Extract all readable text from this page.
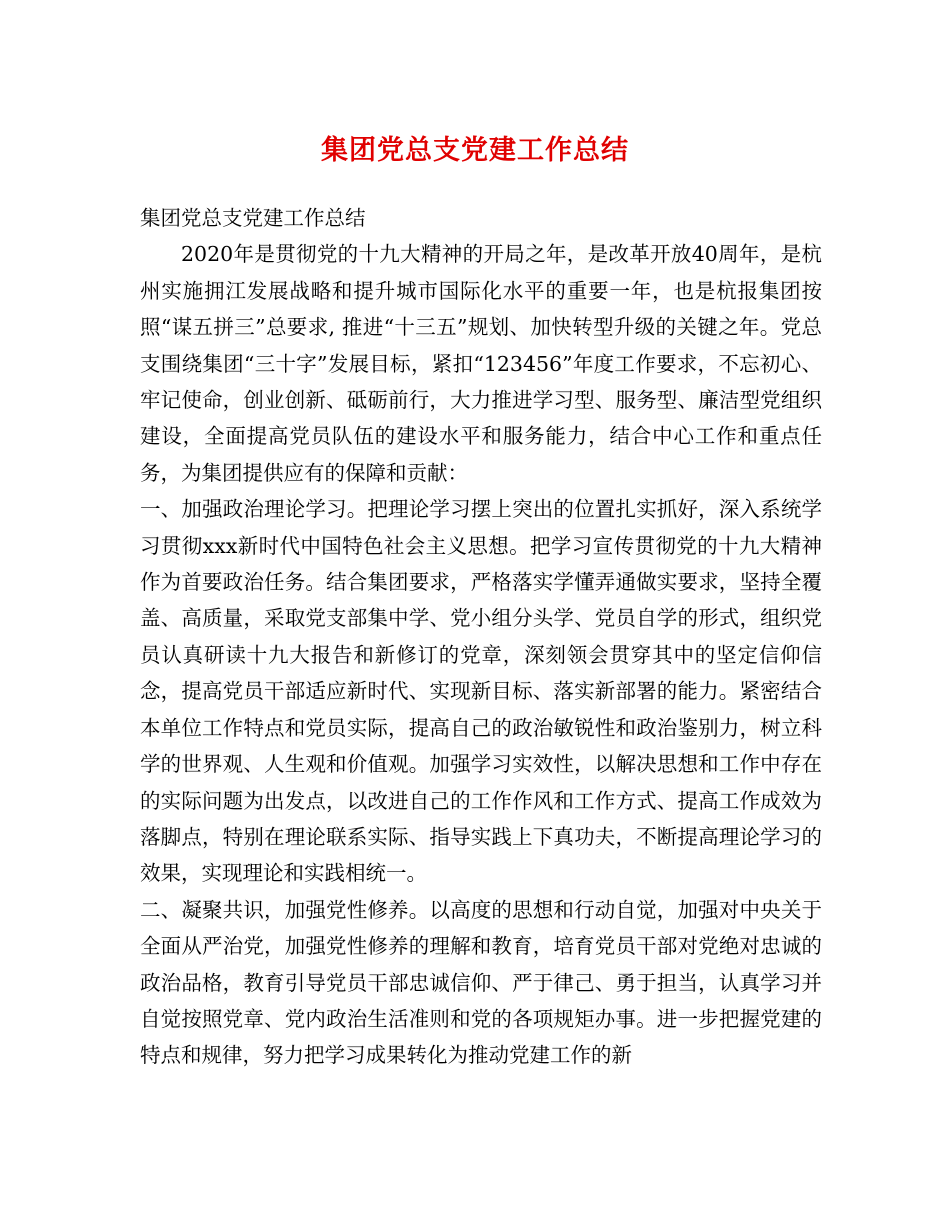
集团党总支党建工作总结

集团党总支党建工作总结

2020年是贯彻党的十九大精神的开局之年，是改革开放40周年，是杭州实施拥江发展战略和提升城市国际化水平的重要一年，也是杭报集团按照“谋五拼三”总要求, 推进“十三五”规划、加快转型升级的关键之年。党总支围绕集团“三十字”发展目标，紧扣“123456”年度工作要求，不忘初心、牢记使命，创业创新、砥砺前行，大力推进学习型、服务型、廉洁型党组织建设，全面提高党员队伍的建设水平和服务能力，结合中心工作和重点任务，为集团提供应有的保障和贡献：

一、加强政治理论学习。把理论学习摆上突出的位置扎实抓好，深入系统学习贯彻xxx新时代中国特色社会主义思想。把学习宣传贯彻党的十九大精神作为首要政治任务。结合集团要求，严格落实学懂弄通做实要求，坚持全覆盖、高质量，采取党支部集中学、党小组分头学、党员自学的形式，组织党员认真研读十九大报告和新修订的党章，深刻领会贯穿其中的坚定信仰信念，提高党员干部适应新时代、实现新目标、落实新部署的能力。紧密结合本单位工作特点和党员实际，提高自己的政治敏锐性和政治鉴别力，树立科学的世界观、人生观和价值观。加强学习实效性，以解决思想和工作中存在的实际问题为出发点，以改进自己的工作作风和工作方式、提高工作成效为落脚点，特别在理论联系实际、指导实践上下真功夫，不断提高理论学习的效果，实现理论和实践相统一。

二、凝聚共识，加强党性修养。以高度的思想和行动自觉，加强对中央关于全面从严治党，加强党性修养的理解和教育，培育党员干部对党绝对忠诚的政治品格，教育引导党员干部忠诚信仰、严于律己、勇于担当，认真学习并自觉按照党章、党内政治生活准则和党的各项规矩办事。进一步把握党建的特点和规律，努力把学习成果转化为推动党建工作的新
